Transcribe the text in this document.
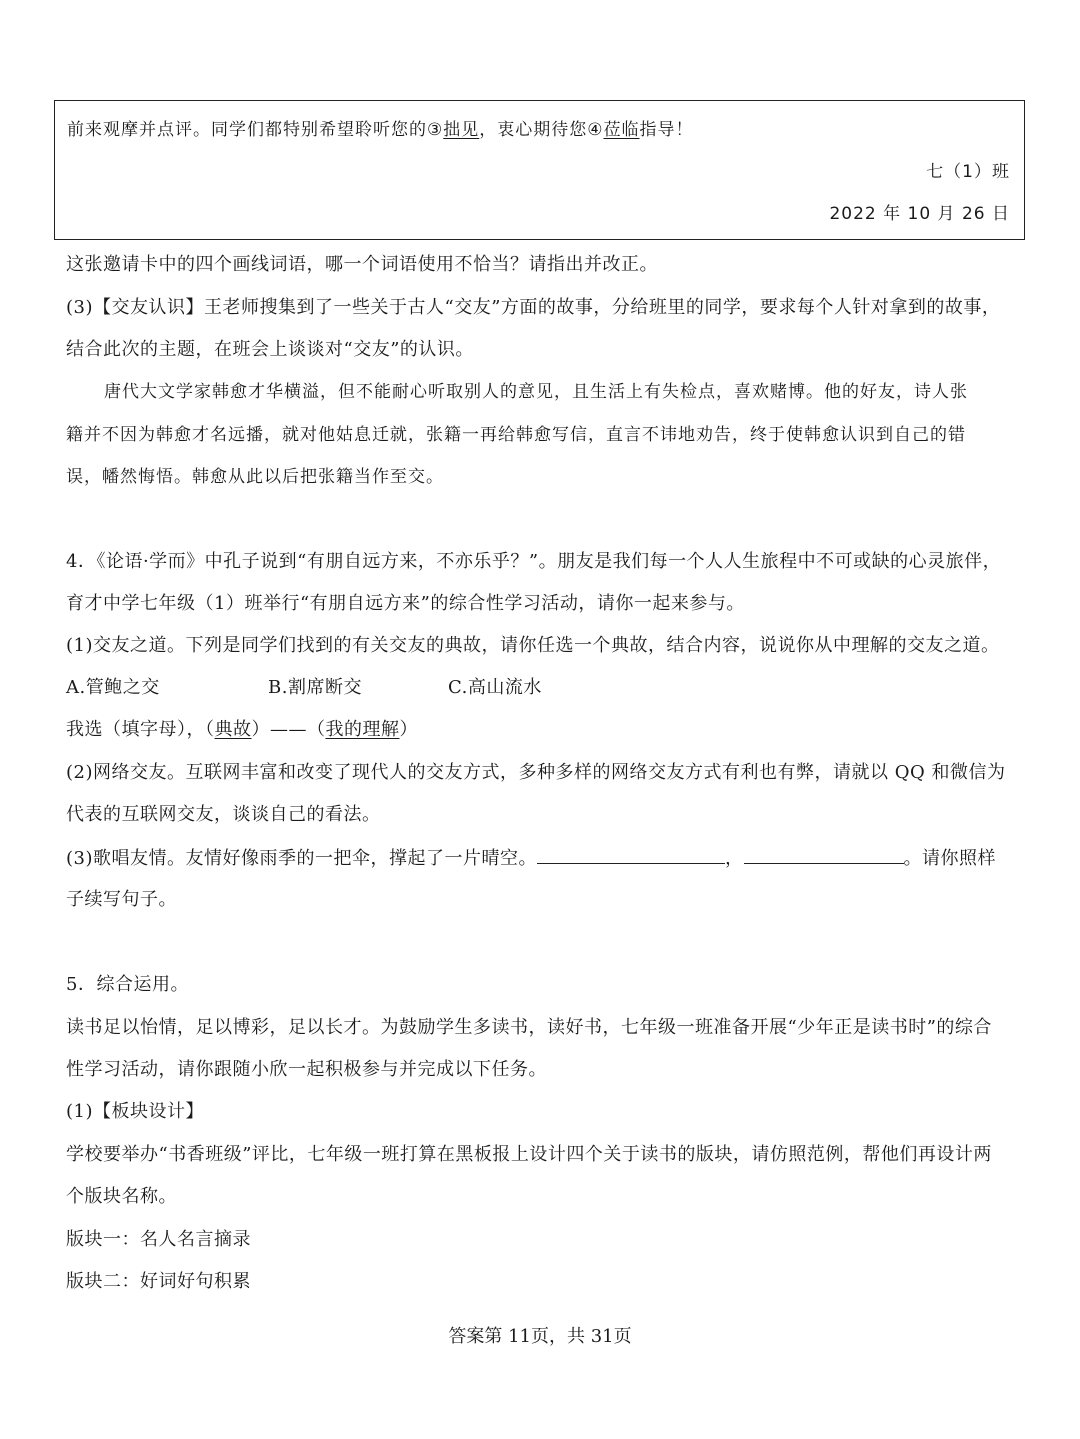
前来观摩并点评。同学们都特别希望聆听您的③拙见，衷心期待您④莅临指导！
七（1）班
2022 年 10 月 26 日
这张邀请卡中的四个画线词语，哪一个词语使用不恰当？请指出并改正。
(3)【交友认识】王老师搜集到了一些关于古人“交友”方面的故事，分给班里的同学，要求每个人针对拿到的故事，
结合此次的主题，在班会上谈谈对“交友”的认识。
唐代大文学家韩愈才华横溢，但不能耐心听取别人的意见，且生活上有失检点，喜欢赌博。他的好友，诗人张
籍并不因为韩愈才名远播，就对他姑息迁就，张籍一再给韩愈写信，直言不讳地劝告，终于使韩愈认识到自己的错
误，幡然悔悟。韩愈从此以后把张籍当作至交。
4．《论语·学而》中孔子说到“有朋自远方来，不亦乐乎？”。朋友是我们每一个人人生旅程中不可或缺的心灵旅伴，
育才中学七年级（1）班举行“有朋自远方来”的综合性学习活动，请你一起来参与。
(1)交友之道。下列是同学们找到的有关交友的典故，请你任选一个典故，结合内容，说说你从中理解的交友之道。
A.管鲍之交	B.割席断交	C.高山流水
我选（填字母），（典故）——（我的理解）
(2)网络交友。互联网丰富和改变了现代人的交友方式，多种多样的网络交友方式有利也有弊，请就以 QQ 和微信为
代表的互联网交友，谈谈自己的看法。
(3)歌唱友情。友情好像雨季的一把伞，撑起了一片晴空。	，	。请你照样
子续写句子。
5．综合运用。
读书足以怡情，足以博彩，足以长才。为鼓励学生多读书，读好书，七年级一班准备开展“少年正是读书时”的综合
性学习活动，请你跟随小欣一起积极参与并完成以下任务。
(1)【板块设计】
学校要举办“书香班级”评比，七年级一班打算在黑板报上设计四个关于读书的版块，请仿照范例，帮他们再设计两
个版块名称。
版块一：名人名言摘录
版块二：好词好句积累
答案第 11页，共 31页
